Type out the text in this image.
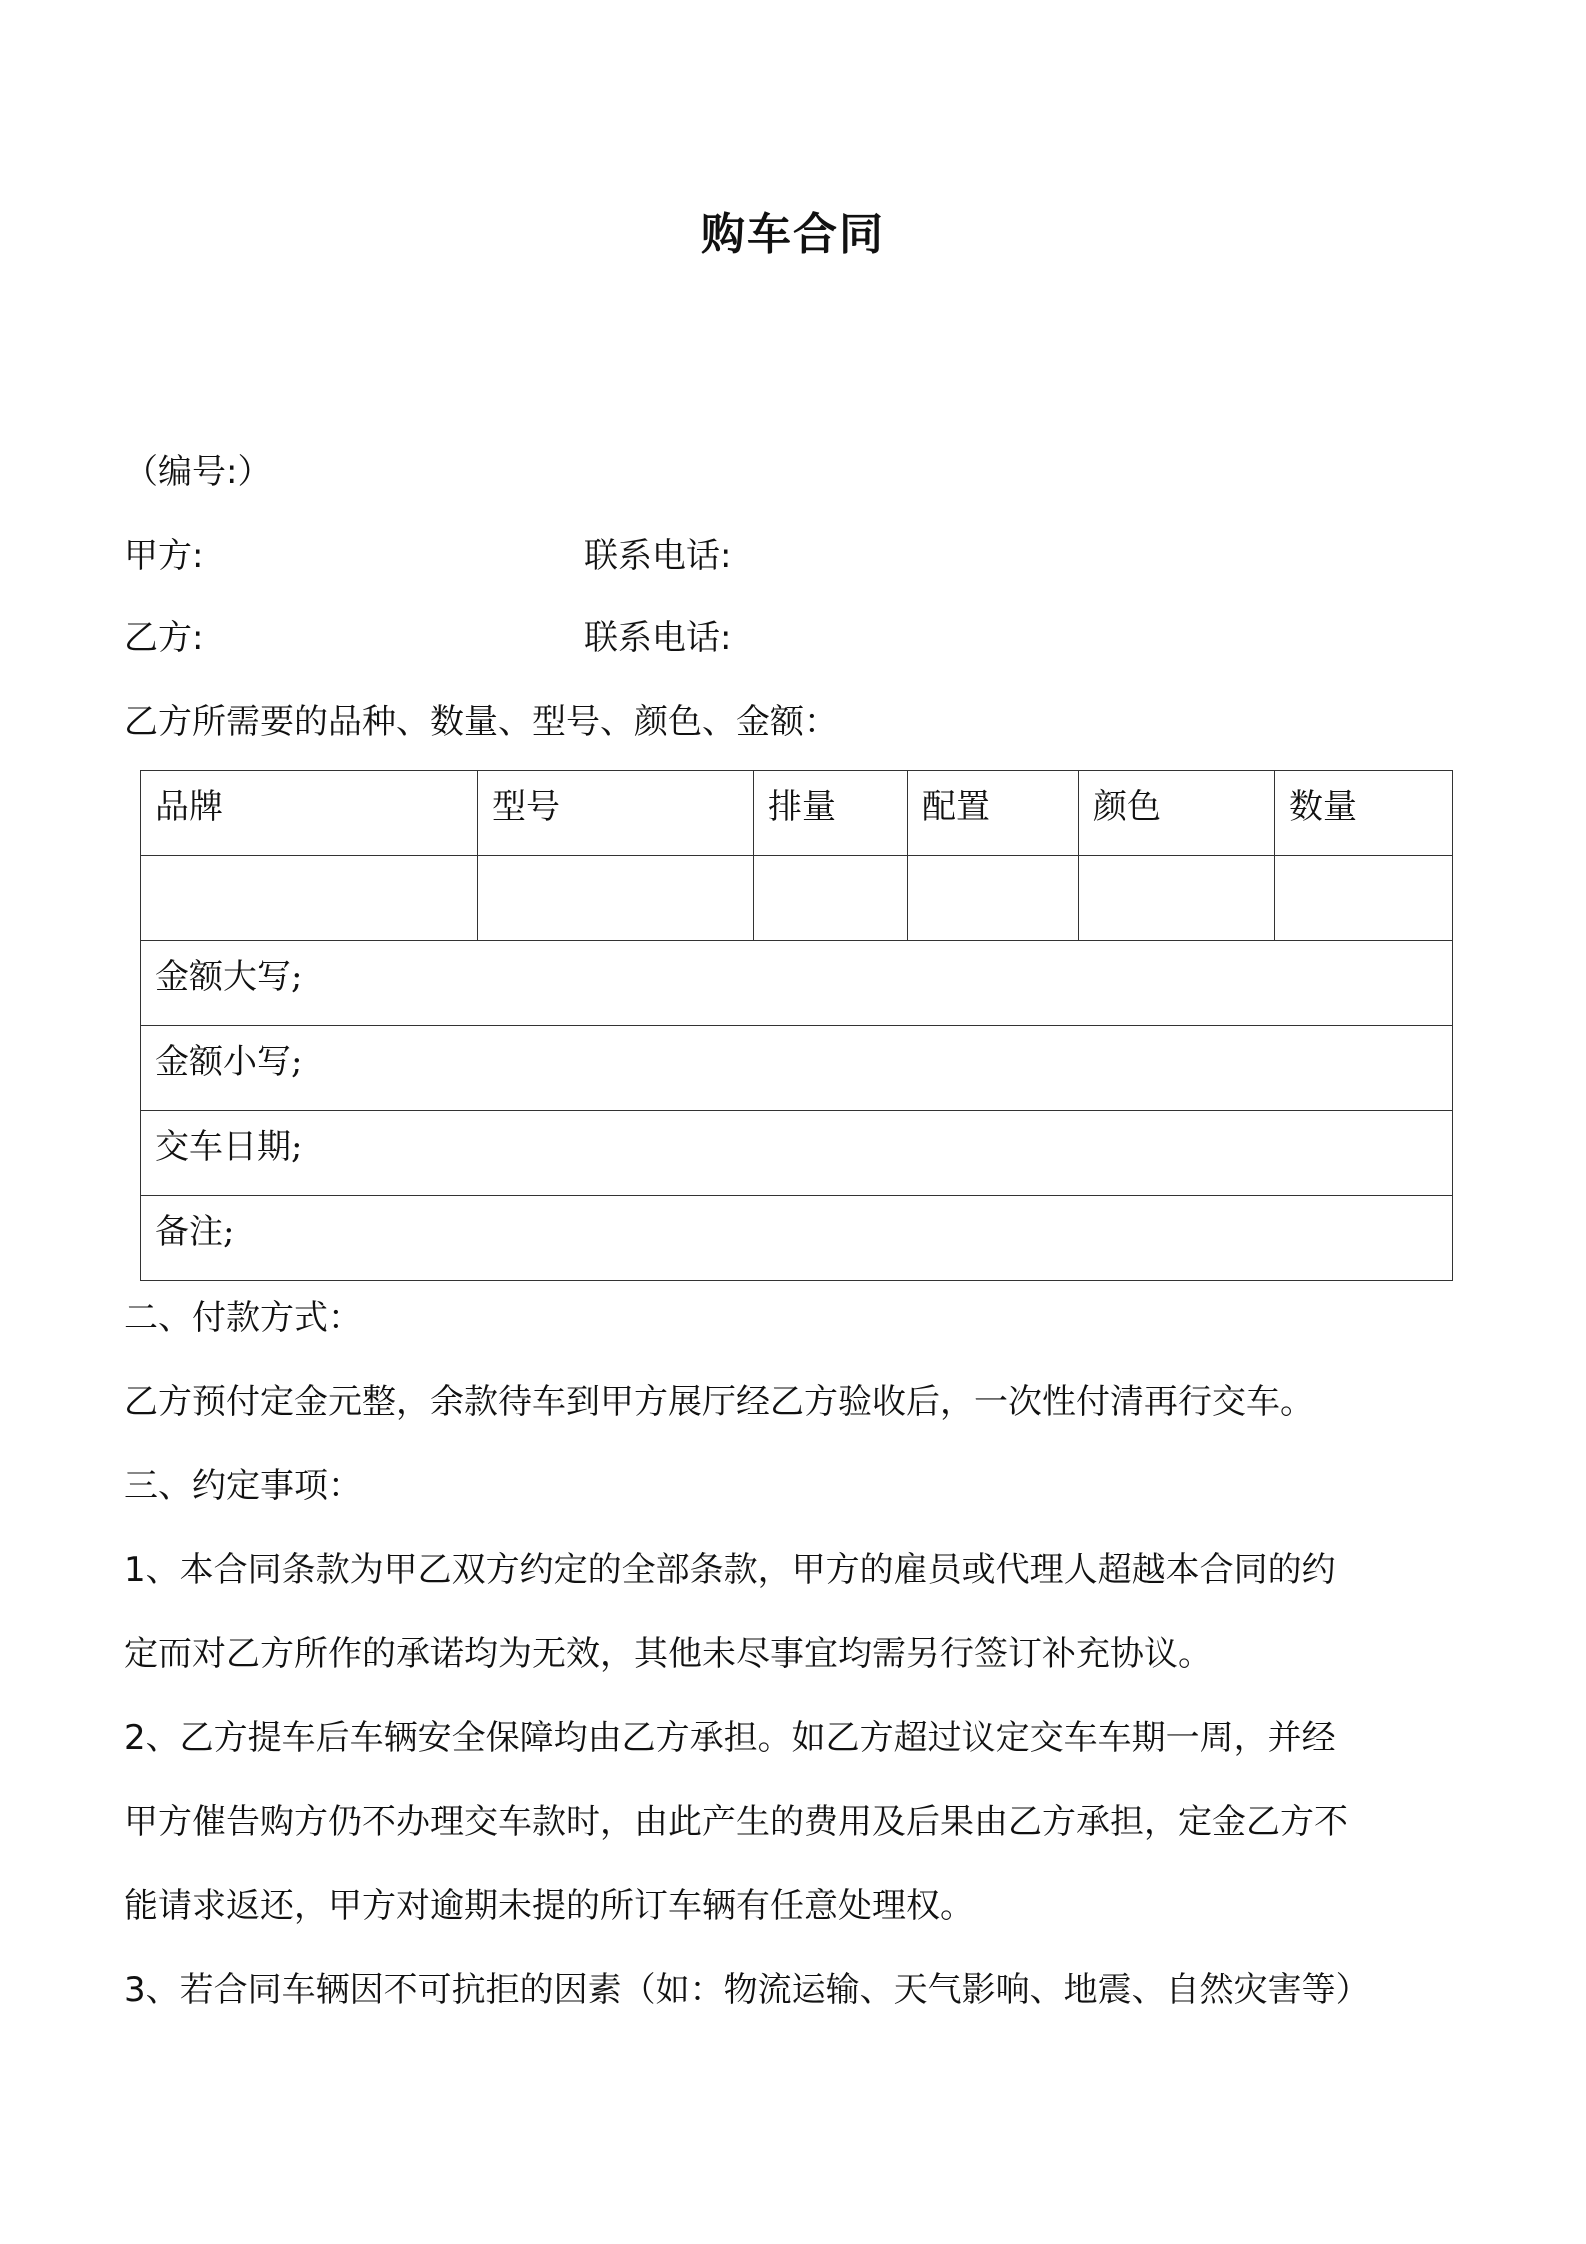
购车合同
（编号:）
甲方:	联系电话:
乙方:	联系电话:
乙方所需要的品种、数量、型号、颜色、金额：
品牌	型号	排量	配置	颜色	数量

金额大写;					
金额小写;					
交车日期;					
备注;					
二、付款方式：
乙方预付定金元整，余款待车到甲方展厅经乙方验收后，一次性付清再行交车。
三、约定事项：
1、本合同条款为甲乙双方约定的全部条款，甲方的雇员或代理人超越本合同的约
定而对乙方所作的承诺均为无效，其他未尽事宜均需另行签订补充协议。
2、乙方提车后车辆安全保障均由乙方承担。如乙方超过议定交车车期一周，并经
甲方催告购方仍不办理交车款时，由此产生的费用及后果由乙方承担，定金乙方不
能请求返还，甲方对逾期未提的所订车辆有任意处理权。
3、若合同车辆因不可抗拒的因素（如：物流运输、天气影响、地震、自然灾害等）
